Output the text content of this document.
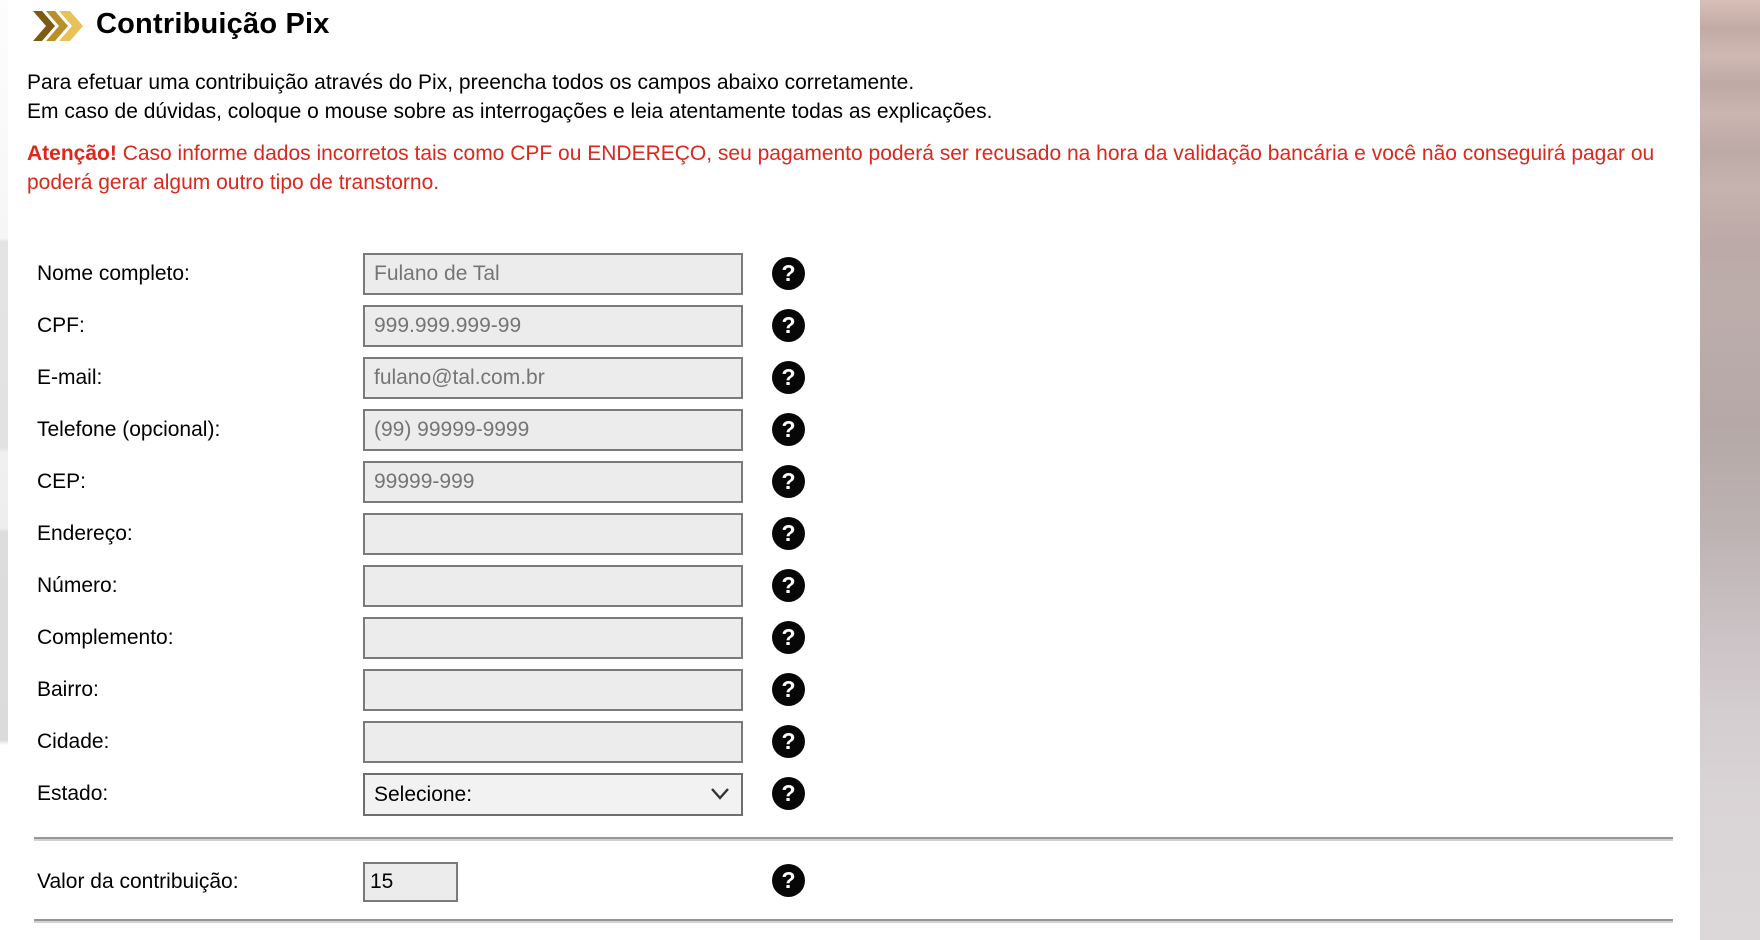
Contribuição Pix
Para efetuar uma contribuição através do Pix, preencha todos os campos abaixo corretamente.
Em caso de dúvidas, coloque o mouse sobre as interrogações e leia atentamente todas as explicações.
Atenção! Caso informe dados incorretos tais como CPF ou ENDEREÇO, seu pagamento poderá ser recusado na hora da validação bancária e você não conseguirá pagar ou poderá gerar algum outro tipo de transtorno.
Nome completo:
Fulano de Tal	?
CPF:
999.999.999-99	?
E-mail:
fulano@tal.com.br	?
Telefone (opcional):
(99) 99999-9999	?
CEP:
99999-999	?
Endereço:	?
Número:	?
Complemento:	?
Bairro:	?
Cidade:	?
Estado:
Selecione:	?
Valor da contribuição:
15	?
